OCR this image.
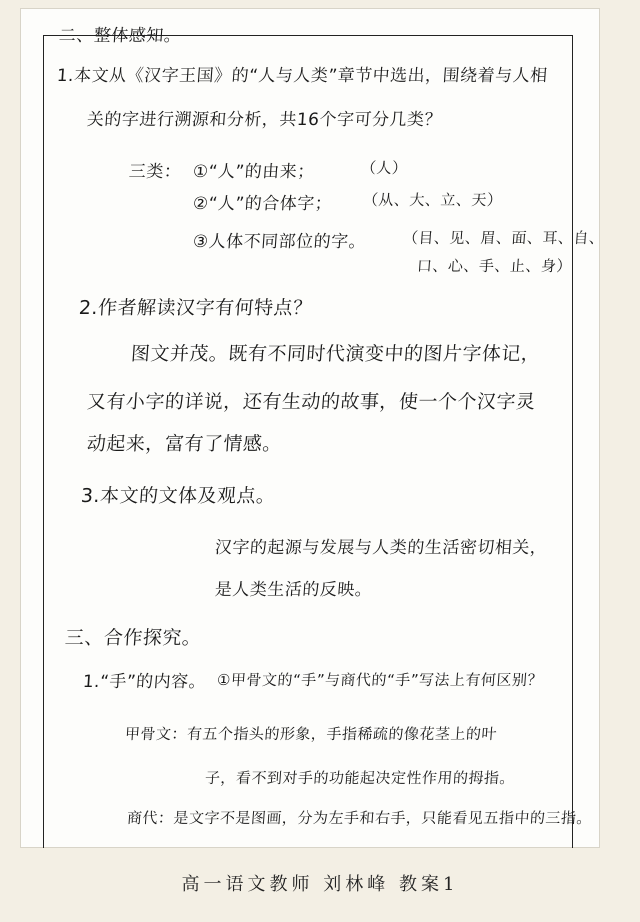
二、整体感知。
1.本文从《汉字王国》的“人与人类”章节中选出，围绕着与人相
关的字进行溯源和分析，共16个字可分几类？
三类： ①“人”的由来；	（人）
②“人”的合体字； （从、大、立、天）
③人体不同部位的字。 （目、见、眉、面、耳、自、
口、心、手、止、身）
2.作者解读汉字有何特点？
图文并茂。既有不同时代演变中的图片字体记，
又有小字的详说，还有生动的故事，使一个个汉字灵
动起来，富有了情感。
3.本文的文体及观点。
汉字的起源与发展与人类的生活密切相关，
是人类生活的反映。
三、合作探究。
1.“手”的内容。 ①甲骨文的“手”与商代的“手”写法上有何区别？
甲骨文：有五个指头的形象，手指稀疏的像花茎上的叶
子，看不到对手的功能起决定性作用的拇指。
商代：是文字不是图画，分为左手和右手，只能看见五指中的三指。
高一语文教师 刘林峰 教案1
